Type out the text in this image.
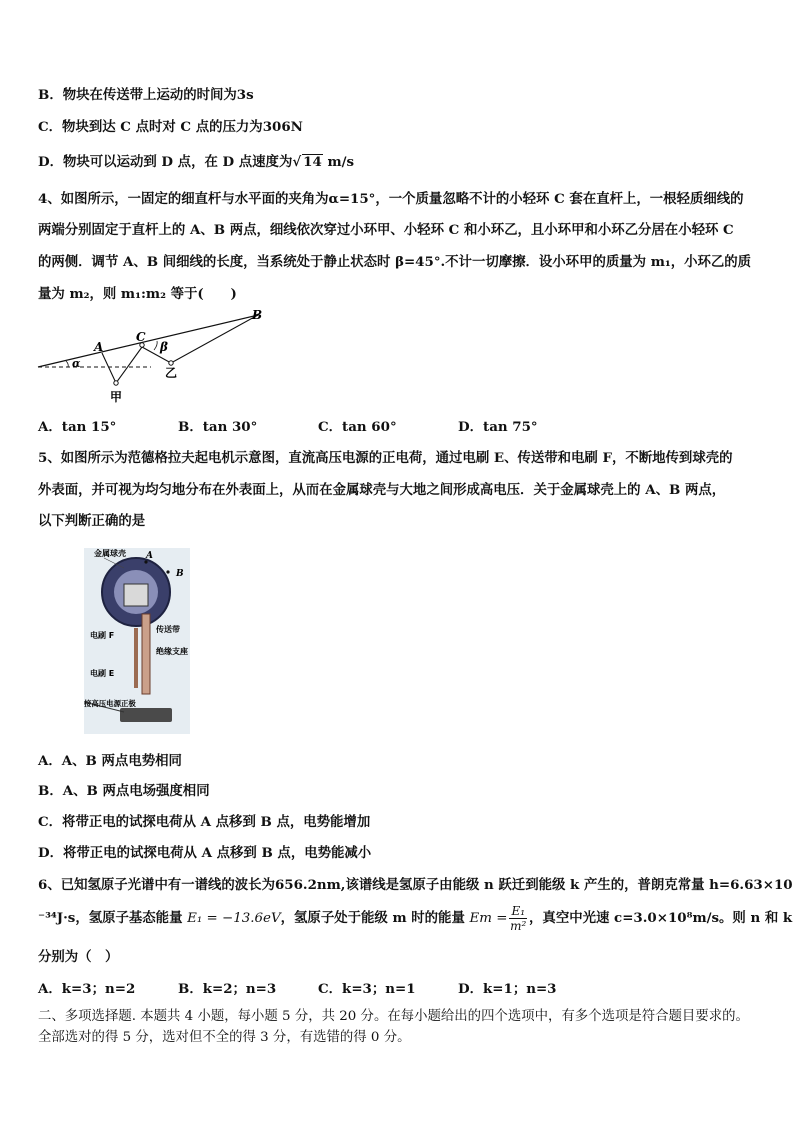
B．物块在传送带上运动的时间为3s
C．物块到达 C 点时对 C 点的压力为306N
D．物块可以运动到 D 点，在 D 点速度为√ 14 m/s
4、如图所示，一固定的细直杆与水平面的夹角为α=15°，一个质量忽略不计的小轻环 C 套在直杆上，一根轻质细线的
两端分别固定于直杆上的 A、B 两点，细线依次穿过小环甲、小轻环 C 和小环乙，且小环甲和小环乙分居在小轻环 C
的两侧．调节 A、B 间细线的长度，当系统处于静止状态时 β=45°.不计一切摩擦．设小环甲的质量为 m₁，小环乙的质
量为 m₂，则 m₁:m₂ 等于(　　)
A
B
C
β
α
甲
乙
A．tan 15°	B．tan 30°	C．tan 60°	D．tan 75°
5、如图所示为范德格拉夫起电机示意图，直流高压电源的正电荷，通过电刷 E、传送带和电刷 F，不断地传到球壳的
外表面，并可视为均匀地分布在外表面上，从而在金属球壳与大地之间形成高电压．关于金属球壳上的 A、B 两点，
以下判断正确的是
金属球壳 A
B
电刷 F
传送带
绝缘支座
电刷 E
接高压电源正极
A．A、B 两点电势相同
B．A、B 两点电场强度相同
C．将带正电的试探电荷从 A 点移到 B 点，电势能增加
D．将带正电的试探电荷从 A 点移到 B 点，电势能减小
6、已知氢原子光谱中有一谱线的波长为656.2nm,该谱线是氢原子由能级 n 跃迁到能级 k 产生的，普朗克常量 h=6.63×10
⁻³⁴J·s，氢原子基态能量 E₁ = −13.6eV，氢原子处于能级 m 时的能量 $Em = \frac{\text{E₁}}{\text{m²}}$ ，真空中光速 c=3.0×10⁸m/s。则 n 和 k
分别为（　）
A．k=3；n=2	B．k=2；n=3	C．k=3；n=1	D．k=1；n=3
二、多项选择题. 本题共 4 小题，每小题 5 分，共 20 分。在每小题给出的四个选项中，有多个选项是符合题目要求的。
全部选对的得 5 分，选对但不全的得 3 分，有选错的得 0 分。
